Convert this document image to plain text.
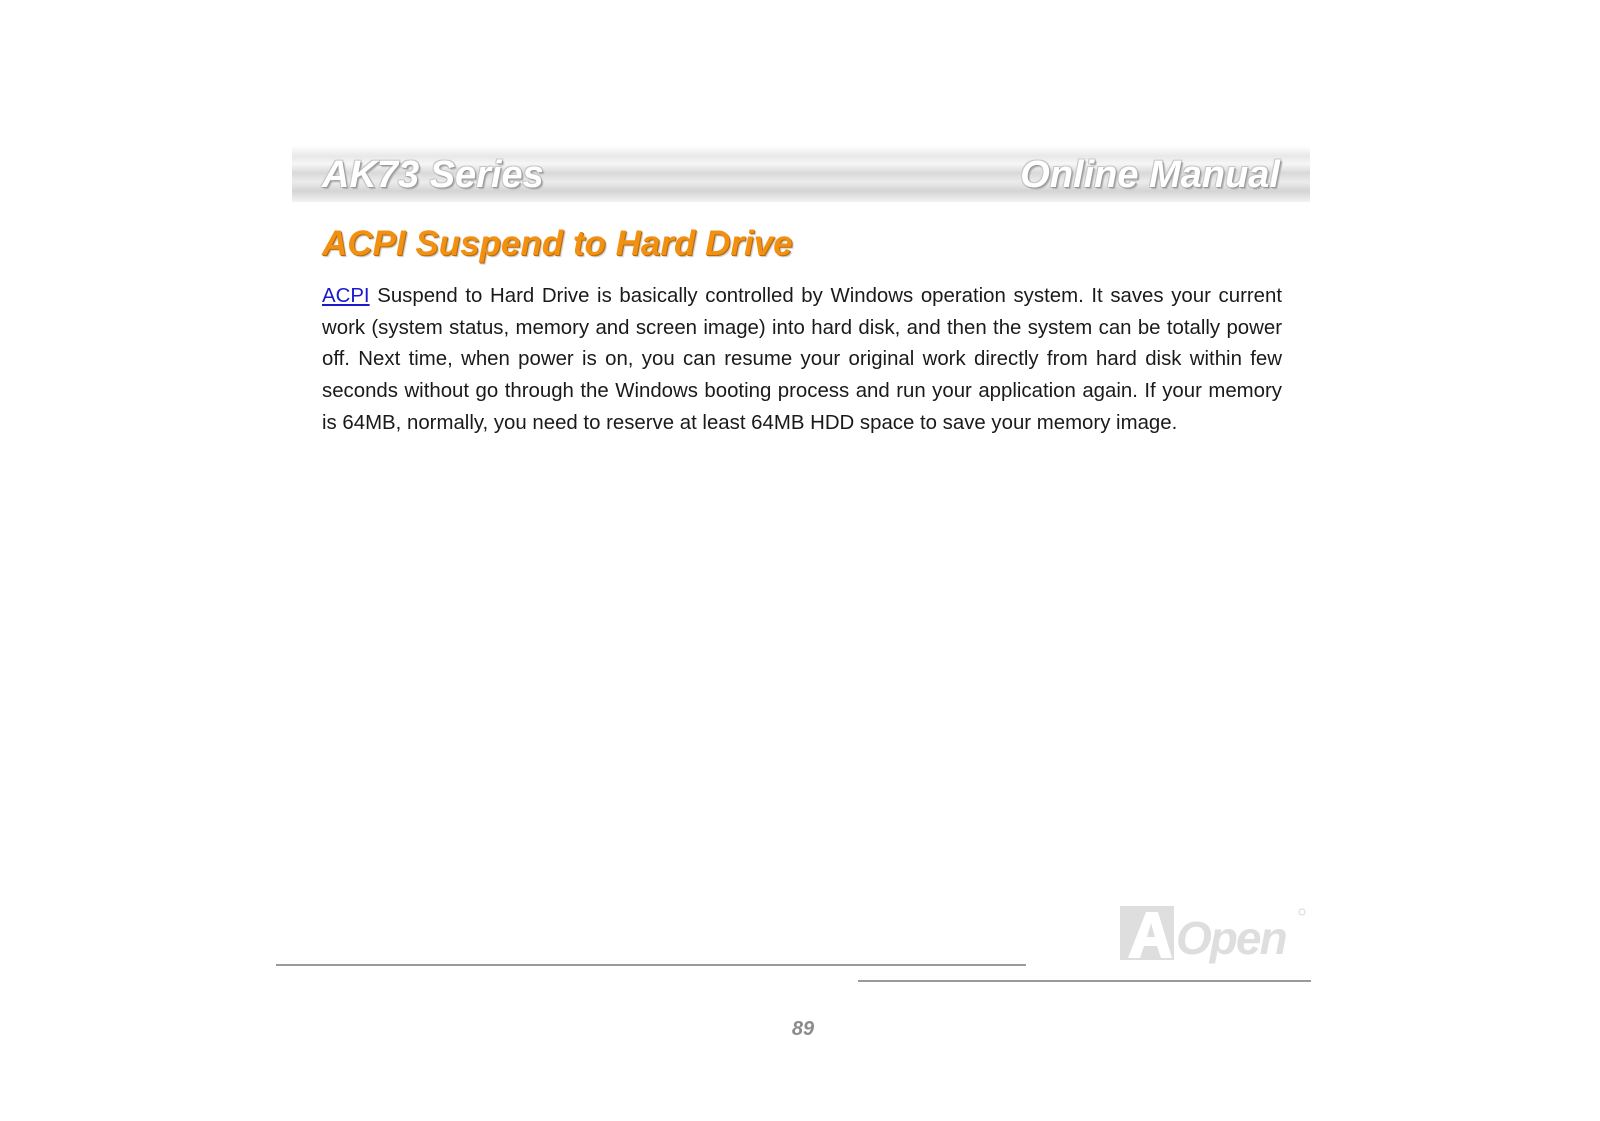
AK73 Series	Online Manual
ACPI Suspend to Hard Drive

ACPI Suspend to Hard Drive is basically controlled by Windows operation system. It saves your current work (system status, memory and screen image) into hard disk, and then the system can be totally power off. Next time, when power is on, you can resume your original work directly from hard disk within few seconds without go through the Windows booting process and run your application again. If your memory is 64MB, normally, you need to reserve at least 64MB HDD space to save your memory image.

Open
89
